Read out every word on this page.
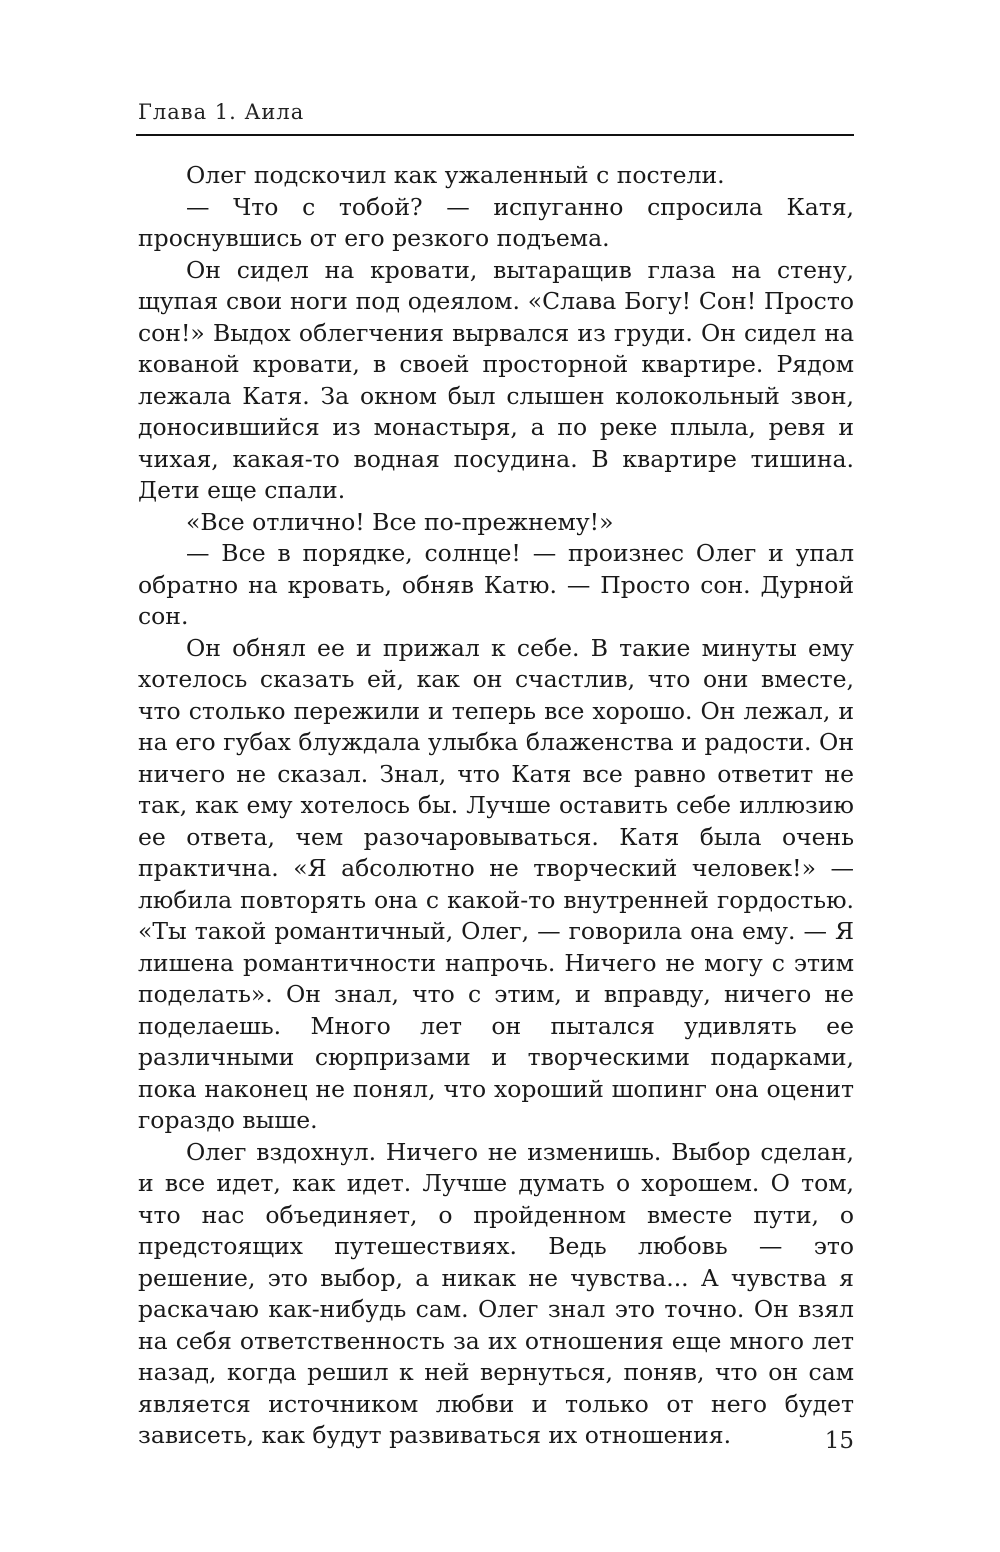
Глава 1. Аила

Олег подскочил как ужаленный с постели.

— Что с тобой? — испуганно спросила Катя, проснувшись от его резкого подъема.

Он сидел на кровати, вытаращив глаза на стену, щупая свои ноги под одеялом. «Слава Богу! Сон! Просто сон!» Выдох облегчения вырвался из груди. Он сидел на кованой кровати, в своей просторной квартире. Рядом лежала Катя. За окном был слышен колокольный звон, доносившийся из монастыря, а по реке плыла, ревя и чихая, какая-то водная посудина. В квартире тишина. Дети еще спали.

«Все отлично! Все по-прежнему!»

— Все в порядке, солнце! — произнес Олег и упал обратно на кровать, обняв Катю. — Просто сон. Дурной сон.

Он обнял ее и прижал к себе. В такие минуты ему хотелось сказать ей, как он счастлив, что они вместе, что столько пережили и теперь все хорошо. Он лежал, и на его губах блуждала улыбка блаженства и радости. Он ничего не сказал. Знал, что Катя все равно ответит не так, как ему хотелось бы. Лучше оставить себе иллюзию ее ответа, чем разочаровываться. Катя была очень практична. «Я абсолютно не творческий человек!» — любила повторять она с какой-то внутренней гордостью. «Ты такой романтичный, Олег, — говорила она ему. — Я лишена романтичности напрочь. Ничего не могу с этим поделать». Он знал, что с этим, и вправду, ничего не поделаешь. Много лет он пытался удивлять ее различными сюрпризами и творческими подарками, пока наконец не понял, что хороший шопинг она оценит гораздо выше.

Олег вздохнул. Ничего не изменишь. Выбор сделан, и все идет, как идет. Лучше думать о хорошем. О том, что нас объединяет, о пройденном вместе пути, о предстоящих путешествиях. Ведь любовь — это решение, это выбор, а никак не чувства... А чувства я раскачаю как-нибудь сам. Олег знал это точно. Он взял на себя ответственность за их отношения еще много лет назад, когда решил к ней вернуться, поняв, что он сам является источником любви и только от него будет зависеть, как будут развиваться их отношения.	15
